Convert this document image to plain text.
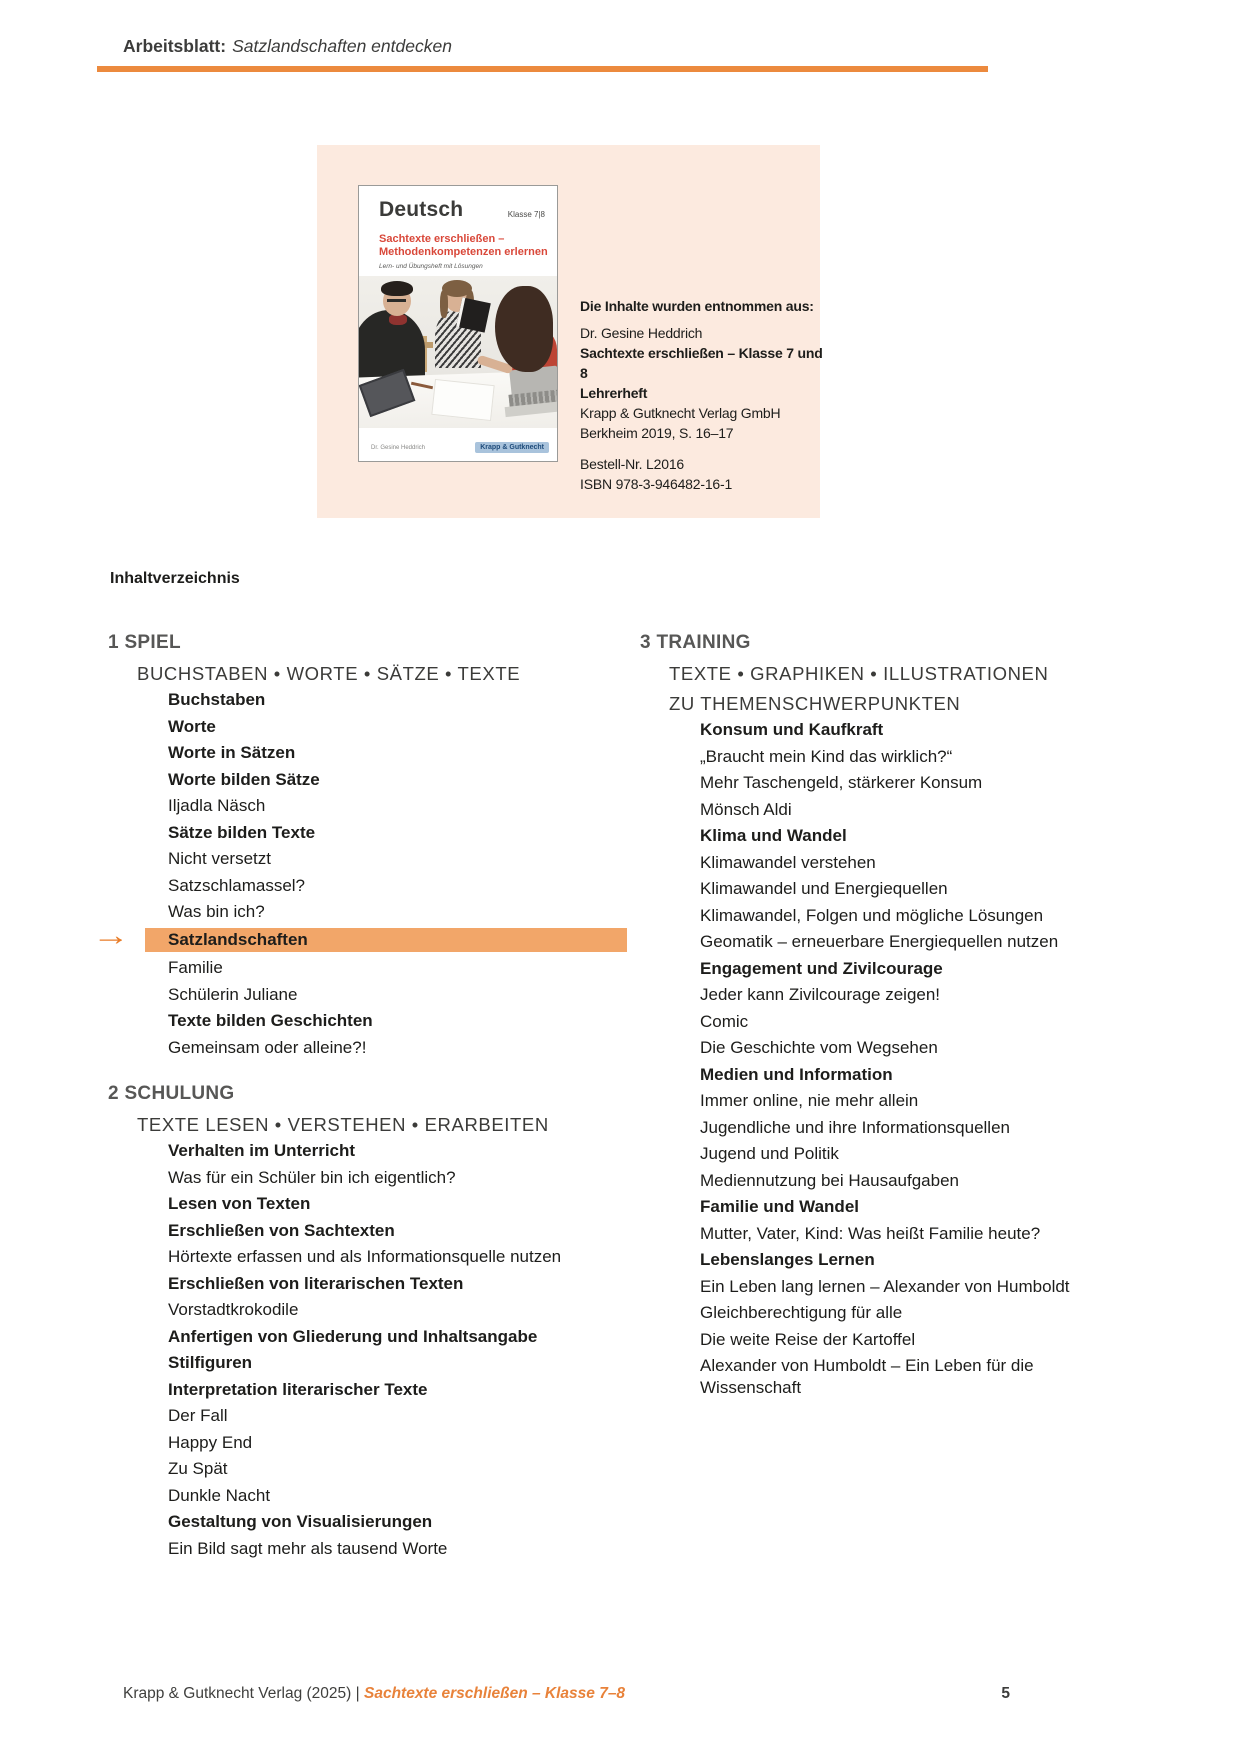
Arbeitsblatt: Satzlandschaften entdecken
Deutsch	Klasse 7|8
Sachtexte erschließen –
Methodenkompetenzen erlernen
Lern- und Übungsheft mit Lösungen
Dr. Gesine Heddrich	Krapp & Gutknecht
Die Inhalte wurden entnommen aus:
Dr. Gesine Heddrich
Sachtexte erschließen – Klasse 7 und 8
Lehrerheft
Krapp & Gutknecht Verlag GmbH
Berkheim 2019, S. 16–17
Bestell-Nr. L2016
ISBN 978-3-946482-16-1
Inhaltverzeichnis
1 SPIEL
BUCHSTABEN • WORTE • SÄTZE • TEXTE
Buchstaben
Worte
Worte in Sätzen
Worte bilden Sätze
Iljadla Näsch
Sätze bilden Texte
Nicht versetzt
Satzschlamassel?
Was bin ich?
Satzlandschaften
→
Familie
Schülerin Juliane
Texte bilden Geschichten
Gemeinsam oder alleine?!
2 SCHULUNG
TEXTE LESEN • VERSTEHEN • ERARBEITEN
Verhalten im Unterricht
Was für ein Schüler bin ich eigentlich?
Lesen von Texten
Erschließen von Sachtexten
Hörtexte erfassen und als Informationsquelle nutzen
Erschließen von literarischen Texten
Vorstadtkrokodile
Anfertigen von Gliederung und Inhaltsangabe
Stilfiguren
Interpretation literarischer Texte
Der Fall
Happy End
Zu Spät
Dunkle Nacht
Gestaltung von Visualisierungen
Ein Bild sagt mehr als tausend Worte
3 TRAINING
TEXTE • GRAPHIKEN • ILLUSTRATIONEN
ZU THEMENSCHWERPUNKTEN
Konsum und Kaufkraft
„Braucht mein Kind das wirklich?“
Mehr Taschengeld, stärkerer Konsum
Mönsch Aldi
Klima und Wandel
Klimawandel verstehen
Klimawandel und Energiequellen
Klimawandel, Folgen und mögliche Lösungen
Geomatik – erneuerbare Energiequellen nutzen
Engagement und Zivilcourage
Jeder kann Zivilcourage zeigen!
Comic
Die Geschichte vom Wegsehen
Medien und Information
Immer online, nie mehr allein
Jugendliche und ihre Informationsquellen
Jugend und Politik
Mediennutzung bei Hausaufgaben
Familie und Wandel
Mutter, Vater, Kind: Was heißt Familie heute?
Lebenslanges Lernen
Ein Leben lang lernen – Alexander von Humboldt
Gleichberechtigung für alle
Die weite Reise der Kartoffel
Alexander von Humboldt – Ein Leben für die Wissenschaft
Krapp & Gutknecht Verlag (2025) | Sachtexte erschließen – Klasse 7–8	5
